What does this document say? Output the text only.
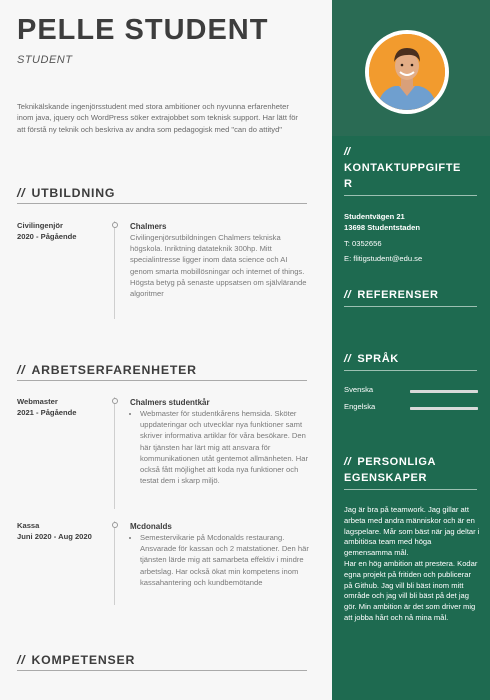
PELLE STUDENT
STUDENT
Teknikälskande ingenjörsstudent med stora ambitioner och nyvunna erfarenheter inom java, jquery och WordPress söker extrajobbet som teknisk support. Har lätt för att förstå ny teknik och beskriva av andra som pedagogisk med "can do attityd"
// UTBILDNING
Civilingenjör
2020 - Pågående
Chalmers
Civilingenjörsutbildningen Chalmers tekniska högskola. Inriktning datateknik 300hp. Mitt specialintresse ligger inom data science och AI genom smarta mobillösningar och internet of things. Högsta betyg på senaste uppsatsen om självlärande algoritmer
// ARBETSERFARENHETER
Webmaster
2021 - Pågående
Chalmers studentkår
• Webmaster för studentkårens hemsida. Sköter uppdateringar och utvecklar nya funktioner samt skriver informativa artiklar för våra besökare. Den här tjänsten har lärt mig att ansvara för kommunikationen utåt gentemot allmänheten. Har också fått möjlighet att koda nya funktioner och testat dem i skarp miljö.
Kassa
Juni 2020 - Aug 2020
Mcdonalds
• Semestervikarie på Mcdonalds restaurang. Ansvarade för kassan och 2 matstationer. Den här tjänsten lärde mig att samarbeta effektiv i mindre arbetslag. Har också ökat min kompetens inom kassahantering och kundbemötande
// KOMPETENSER
//
KONTAKTUPPGIFTE
R
Studentvägen 21
13698 Studentstaden
T: 0352656
E: flitigstudent@edu.se
// REFERENSER
// SPRÅK
Svenska
Engelska
// PERSONLIGA
EGENSKAPER
Jag är bra på teamwork. Jag gillar att arbeta med andra människor och är en lagspelare. Mår som bäst när jag deltar i ambitiösa team med höga gemensamma mål.
Har en hög ambition att prestera. Kodar egna projekt på fritiden och publicerar på Github. Jag vill bli bäst inom mitt område och jag vill bli bäst på det jag gör. Min ambition är det som driver mig att jobba hårt och nå mina mål.
